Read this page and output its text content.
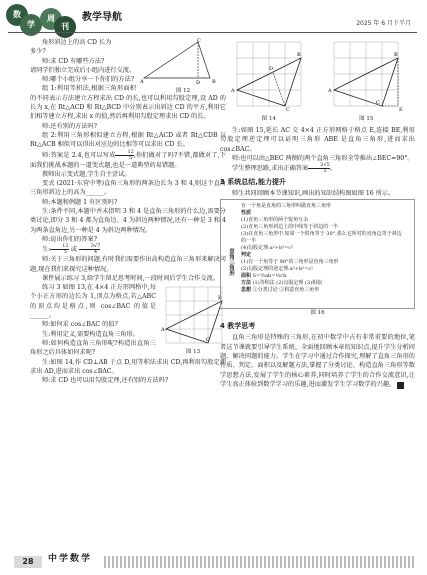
数
学
周
刊
教学导航
2025 年 6 月下半月
A	B
C
D
图 12

角形斜边上的高 CD 长为
多少?

师:求 CD 有哪些方法?

请同学们独立完成后小组内进行交流。

师:哪个小组分享一下你们的方法?

组 1:利用等积法,根据三角形面积的不同表示方法建立方程求出 CD 的长,也可以利用勾股定理,设 AD 的长为 x,在 Rt△ACD 和 Rt△BCD 中分别表示出斜边 CD 的平方,利用它们相等建立方程,求出 x 的值,然后再利用勾股定理求出 CD 的长。

师:还有别的方法吗?

组 2:利用三角形相似建立方程,根据 Rt△ACD 或者 Rt△CDB 与 Rt△ACB 相似可以得出对应边的比相等可以求出 CD 长。

师:答案是 2.4,也可以写成 $\frac{12}{5}$ ,你们做对了吗?不错,都做对了,下面我们挑战本题的一道变式题,也是一道典型的易错题。

教师出示变式题,学生自主尝试。

变式 (2021·东营中考)直角三角形的两条边长为 3 和 4,则这个直角三角形斜边上的高为______。

师:本题和例题 1 有区别吗?

生:条件不同,本题中并未指明 3 和 4 是直角三角形的什么边,需要分类讨论,即分 3 和 4 都为直角边、4 为斜边两种情况,还有一种是 3 和 4 为两条直角边,另一种是 4 为斜边两种情况。

师:说出你们的答案?

生: $\frac{12}{5}$ 或 $\frac{3√7}{4}$

师:关于三角形的问题,有时我们需要作出高构造直角三角形来解决问题,现在我们来探究这种情况。

课件展示练习 3,给学生留足思考时间,一段时间后学生合作交流。

A
B
C
图 13

练习 3 如图 13,在 4×4 正方形网格中,每个小正方形的边长为 1,顶点为格点,若△ABC 的顶点均是格点,则 cos∠BAC 的值是______。

师:如何求 cos∠BAC 的值?

生:利用定义,需要构造直角三角形。

师:如何构造直角三角形呢?构造出直角三角形之后具体如何求呢?

生:如图 14,作 CD⊥AB 于点 D,用等积法求出 CD,再利用勾股定理求出 AD,进而求出 cos∠BAC。

师:求 CD 也可以用勾股定理,还有别的方法吗?

A
B
C
D
图 14
A
B
C
E
图 15

生:如图 15,延长 AC 交 4×4 正方形网格于格点 E,连接 BE,利用勾股定理逆定理可以证明三角形 ABE 是直角三角形,进而求出 cos∠BAC。

师:也可以由△BEC 两侧的两个直角三角形全等推出∠BEC=90°。

学生整理思路,求出正确答案 $\frac{2√5}{5}$ 。

3 系统总结,能力提升

师生共同回顾本节课知识,画出的知识结构图如图 16 所示。

直角三角形
有一个角是直角的三角形叫做直角三角形
性质
(1)直角三角形的两个锐角互余
(2)直角三角形斜边上的中线等于斜边的一半
(3)在直角三角形中,如果一个锐角等于 30°,那么它所对的直角边等于斜边的一半
(4)勾股定理:a²+b²=c²
判定
(1)有一个角等于 90°的三角形是直角三角形
(2)勾股定理的逆定理:a²+b²=c²
面积 S=½ab=½ch
方法 (1)等积法 (2)勾股定理 (3)相似
思想 ①分类讨论 ②构造直角三角形
图 16
4 教学思考

直角三角形是特殊的三角形,在初中数学中占有非常重要的地位,笔者这节课就要引导学生系统、全面地回顾本章的知识点,提升学生分析问题、解决问题的能力。学生在学习中通过合作探究,理解了直角三角形的性质、判定、面积以及解题方法,掌握了分类讨论、构造直角三角形等数学思想方法,发展了学生的核心素养,同时培养了学生的合作交流意识,让学生真正体验到数学学习的乐趣,进而激发学生学习数学的兴趣。	Z

28	中学数学
